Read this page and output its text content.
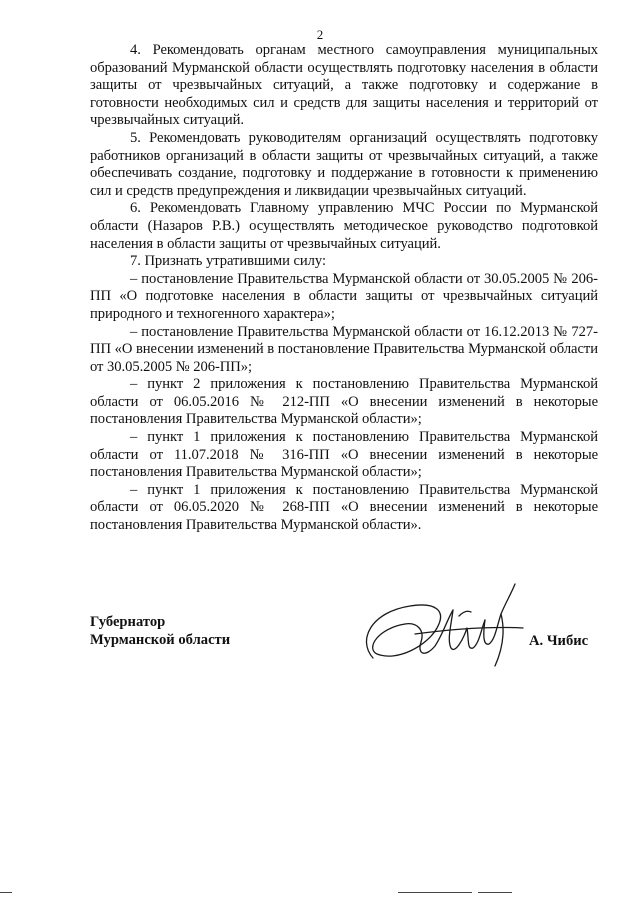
2

4. Рекомендовать органам местного самоуправления муниципальных образований Мурманской области осуществлять подготовку населения в области защиты от чрезвычайных ситуаций, а также подготовку и содержание в готовности необходимых сил и средств для защиты населения и территорий от чрезвычайных ситуаций.

5. Рекомендовать руководителям организаций осуществлять подготовку работников организаций в области защиты от чрезвычайных ситуаций, а также обеспечивать создание, подготовку и поддержание в готовности к применению сил и средств предупреждения и ликвидации чрезвычайных ситуаций.

6. Рекомендовать Главному управлению МЧС России по Мурманской области (Назаров Р.В.) осуществлять методическое руководство подготовкой населения в области защиты от чрезвычайных ситуаций.

7. Признать утратившими силу:

– постановление Правительства Мурманской области от 30.05.2005 № 206-ПП «О подготовке населения в области защиты от чрезвычайных ситуаций природного и техногенного характера»;

– постановление Правительства Мурманской области от 16.12.2013 № 727-ПП «О внесении изменений в постановление Правительства Мурманской области от 30.05.2005 № 206-ПП»;

– пункт 2 приложения к постановлению Правительства Мурманской области от 06.05.2016 № 212-ПП «О внесении изменений в некоторые постановления Правительства Мурманской области»;

– пункт 1 приложения к постановлению Правительства Мурманской области от 11.07.2018 № 316-ПП «О внесении изменений в некоторые постановления Правительства Мурманской области»;

– пункт 1 приложения к постановлению Правительства Мурманской области от 06.05.2020 № 268-ПП «О внесении изменений в некоторые постановления Правительства Мурманской области».

Губернатор
Мурманской области	А. Чибис
